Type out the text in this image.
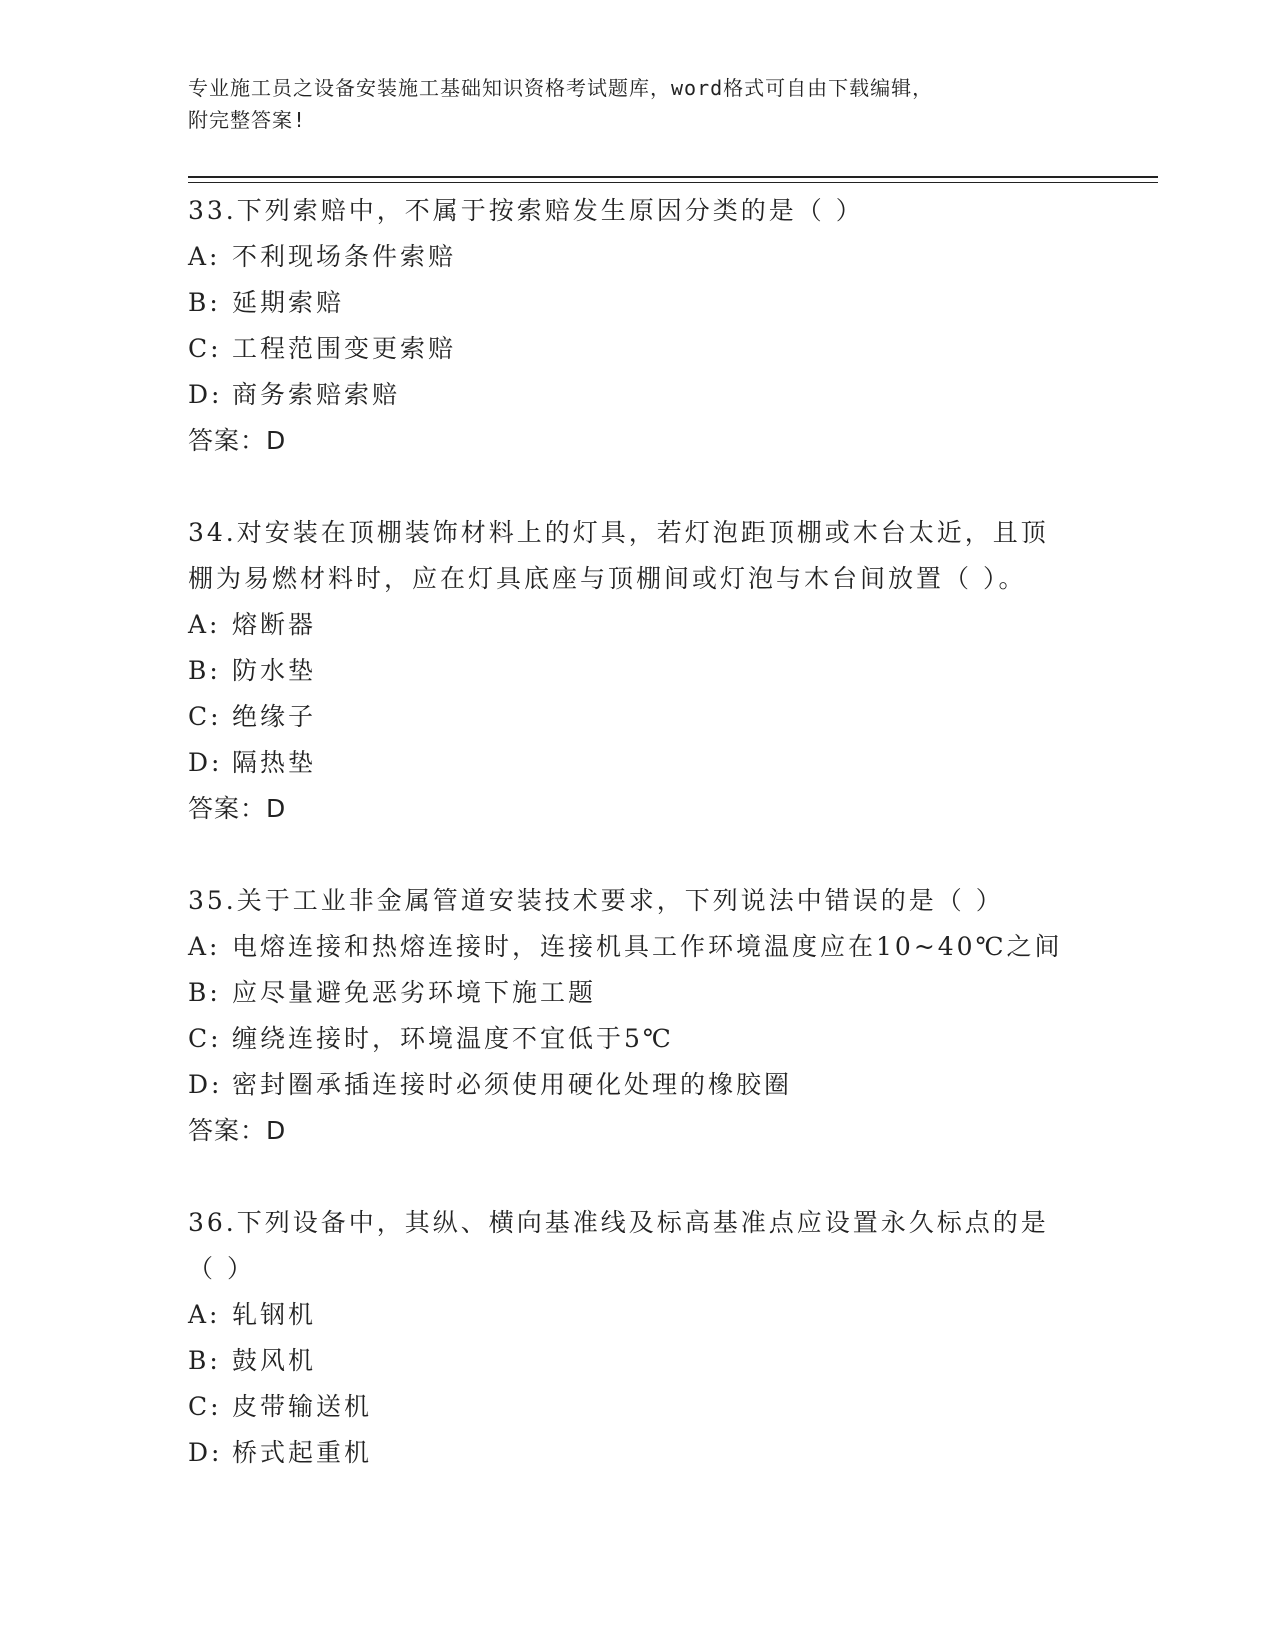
专业施工员之设备安装施工基础知识资格考试题库，word格式可自由下载编辑，
附完整答案!
33.下列索赔中，不属于按索赔发生原因分类的是（ ）
A: 不利现场条件索赔
B: 延期索赔
C: 工程范围变更索赔
D: 商务索赔索赔
答案：D
34.对安装在顶棚装饰材料上的灯具，若灯泡距顶棚或木台太近，且顶
棚为易燃材料时，应在灯具底座与顶棚间或灯泡与木台间放置（ ）。
A: 熔断器
B: 防水垫
C: 绝缘子
D: 隔热垫
答案：D
35.关于工业非金属管道安装技术要求，下列说法中错误的是（ ）
A: 电熔连接和热熔连接时，连接机具工作环境温度应在10~40℃之间
B: 应尽量避免恶劣环境下施工题
C: 缠绕连接时，环境温度不宜低于5℃
D: 密封圈承插连接时必须使用硬化处理的橡胶圈
答案：D
36.下列设备中，其纵、横向基准线及标高基准点应设置永久标点的是
（ ）
A: 轧钢机
B: 鼓风机
C: 皮带输送机
D: 桥式起重机
